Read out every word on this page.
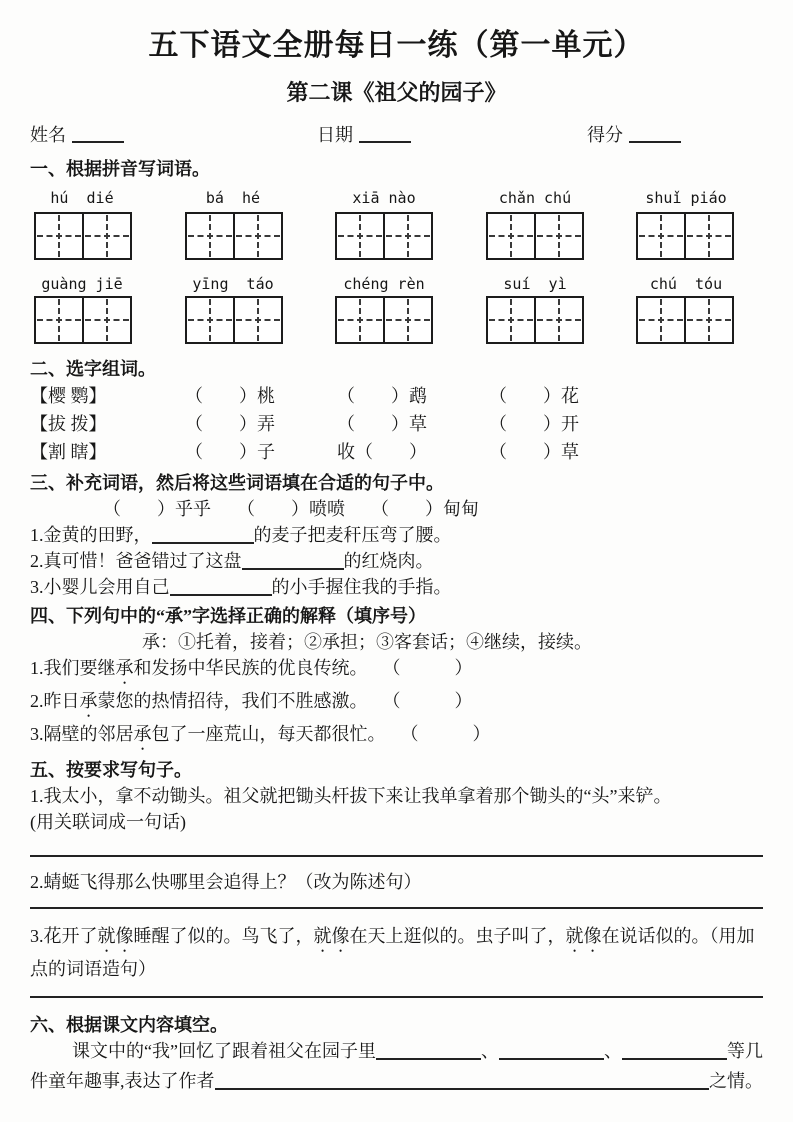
五下语文全册每日一练（第一单元）
第二课《祖父的园子》
姓名	日期	得分
一、根据拼音写词语。
hú  dié	bá  hé	xiā nào	chǎn chú	shuǐ piáo
guàng jiē	yīng  táo	chéng rèn	suí  yì	chú  tóu
二、选字组词。
【樱 鹦】	（　　）桃	（　　）鹉	（　　）花
【拔 拨】	（　　）弄	（　　）草	（　　）开
【割 瞎】	（　　）子	收（　　）	（　　）草
三、补充词语，然后将这些词语填在合适的句子中。
（　　）乎乎	（　　）喷喷	（　　）甸甸
1.金黄的田野，	的麦子把麦秆压弯了腰。
2.真可惜！爸爸错过了这盘	的红烧肉。
3.小婴儿会用自己	的小手握住我的手指。
四、下列句中的“承”字选择正确的解释（填序号）
承：①托着，接着；②承担；③客套话；④继续，接续。
1.我们要继承和发扬中华民族的优良传统。 （　　　）
2.昨日承蒙您的热情招待，我们不胜感激。 （　　　）
3.隔壁的邻居承包了一座荒山，每天都很忙。 （　　　）
五、按要求写句子。
1.我太小，拿不动锄头。祖父就把锄头杆拔下来让我单拿着那个锄头的“头”来铲。
(用关联词成一句话)
2.蜻蜓飞得那么快哪里会追得上？（改为陈述句）
3.花开了就像睡醒了似的。鸟飞了，就像在天上逛似的。虫子叫了，就像在说话似的。（用加点的词语造句）
六、根据课文内容填空。
课文中的“我”回忆了跟着祖父在园子里	、	、	等几
件童年趣事,表达了作者	之情。
